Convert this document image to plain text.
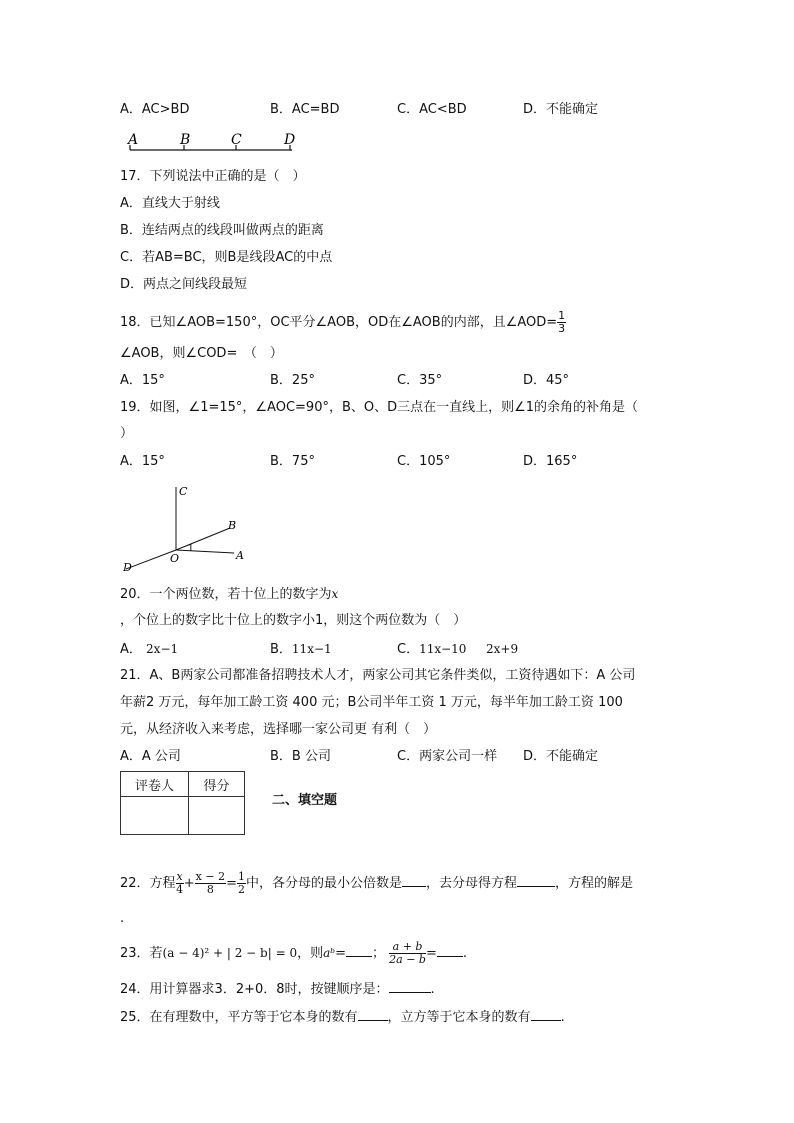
A．AC>BD	B．AC=BD	C．AC<BD	D．不能确定
A	B	C	D
17．下列说法中正确的是（　）
A．直线大于射线
B．连结两点的线段叫做两点的距离
C．若AB=BC，则B是线段AC的中点
D．两点之间线段最短
18．已知∠AOB=150°，OC平分∠AOB，OD在∠AOB的内部，且∠AOD= $\frac{1}{3}$
∠AOB，则∠COD=　（　）
A．15°	B．25°	C．35°	D．45°
19．如图，∠1=15°，∠AOC=90°，B、O、D三点在一直线上，则∠1的余角的补角是（
）
A．15°	B．75°	C．105°	D．165°
C
B
A
O
D
1
20．一个两位数，若十位上的数字为x
，个位上的数字比十位上的数字小1，则这个两位数为（　）
A． 2x−1	B．11x−1	C．11x−10 2x+9
21．A、B两家公司都准备招聘技术人才，两家公司其它条件类似，工资待遇如下：A 公司
年薪2 万元，每年加工龄工资 400 元；B公司半年工资 1 万元，每半年加工龄工资 100
元，从经济收入来考虑，选择哪一家公司更 有利（　）
A．A 公司	B．B 公司	C．两家公司一样 D．不能确定
评卷人	得分

二、填空题
22．方程 $\frac{x}{4} + \frac{x - 2}{8} = \frac{1}{2}$ 中，各分母的最小公倍数是 ，去分母得方程	，方程的解是
.
23．若(a − 4)² + | 2 − b| = 0，则aᵇ= ； $\frac{a + b}{2a - b}$ = .
24．用计算器求3．2+0．8时，按键顺序是：	.
25．在有理数中，平方等于它本身的数有 ，立方等于它本身的数有 .
